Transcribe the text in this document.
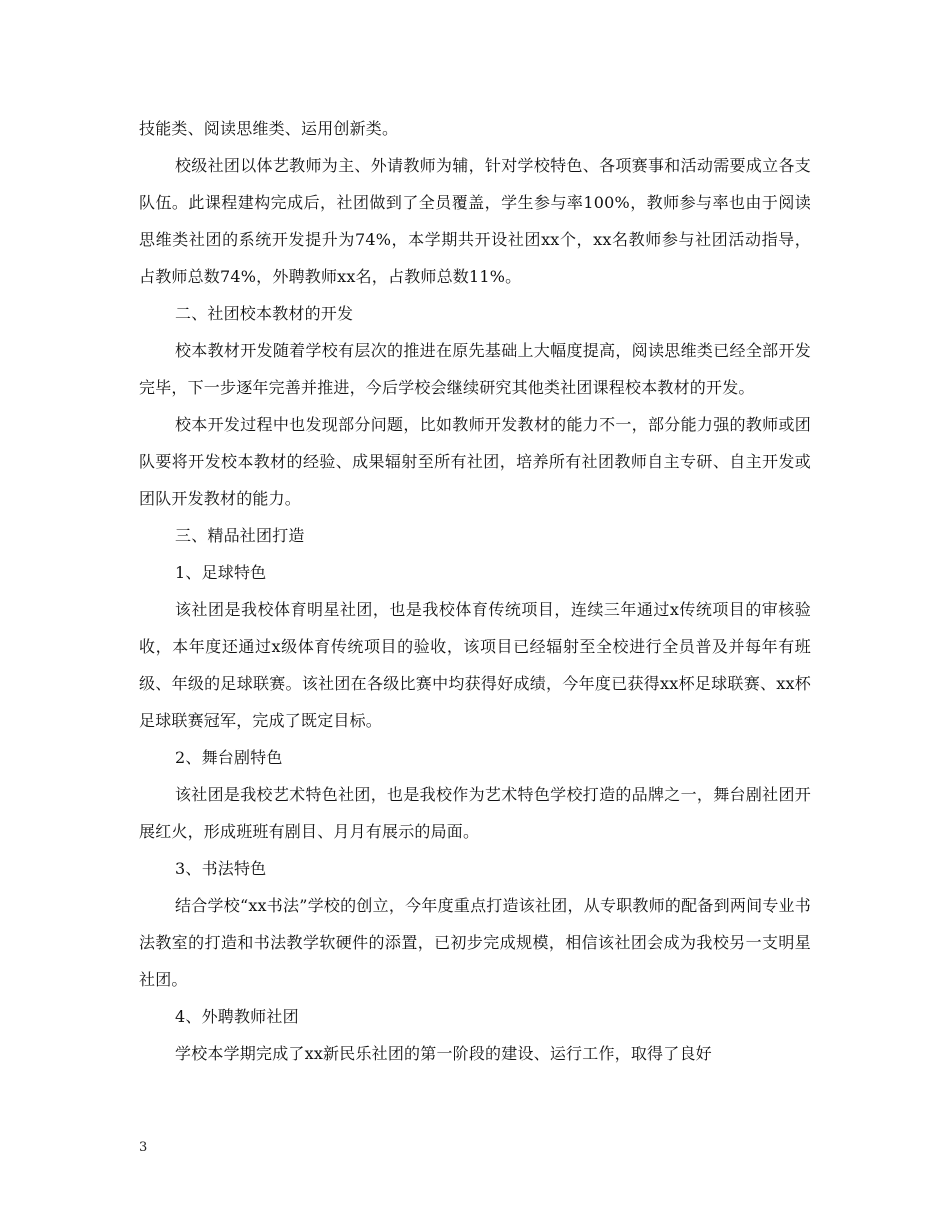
技能类、阅读思维类、运用创新类。

校级社团以体艺教师为主、外请教师为辅，针对学校特色、各项赛事和活动需要成立各支队伍。此课程建构完成后，社团做到了全员覆盖，学生参与率100%，教师参与率也由于阅读思维类社团的系统开发提升为74%，本学期共开设社团xx个，xx名教师参与社团活动指导，占教师总数74%，外聘教师xx名，占教师总数11%。

二、社团校本教材的开发

校本教材开发随着学校有层次的推进在原先基础上大幅度提高，阅读思维类已经全部开发完毕，下一步逐年完善并推进，今后学校会继续研究其他类社团课程校本教材的开发。

校本开发过程中也发现部分问题，比如教师开发教材的能力不一，部分能力强的教师或团队要将开发校本教材的经验、成果辐射至所有社团，培养所有社团教师自主专研、自主开发或团队开发教材的能力。

三、精品社团打造

1、足球特色

该社团是我校体育明星社团，也是我校体育传统项目，连续三年通过x传统项目的审核验收，本年度还通过x级体育传统项目的验收，该项目已经辐射至全校进行全员普及并每年有班级、年级的足球联赛。该社团在各级比赛中均获得好成绩，今年度已获得xx杯足球联赛、xx杯足球联赛冠军，完成了既定目标。

2、舞台剧特色

该社团是我校艺术特色社团，也是我校作为艺术特色学校打造的品牌之一，舞台剧社团开展红火，形成班班有剧目、月月有展示的局面。

3、书法特色

结合学校“xx书法”学校的创立，今年度重点打造该社团，从专职教师的配备到两间专业书法教室的打造和书法教学软硬件的添置，已初步完成规模，相信该社团会成为我校另一支明星社团。

4、外聘教师社团

学校本学期完成了xx新民乐社团的第一阶段的建设、运行工作，取得了良好

3
